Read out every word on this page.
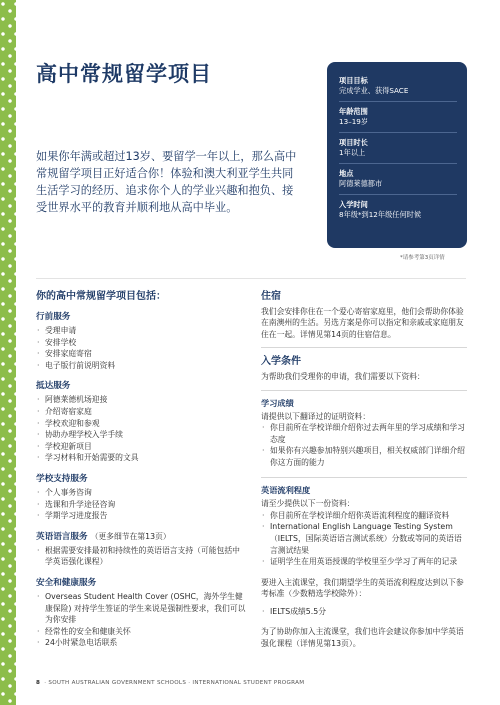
高中常规留学项目

如果你年满或超过13岁、要留学一年以上，那么高中常规留学项目正好适合你！体验和澳大利亚学生共同生活学习的经历、追求你个人的学业兴趣和抱负、接受世界水平的教育并顺利地从高中毕业。

项目目标
完成学业、获得SACE
年龄范围
13–19岁
项目时长
1年以上
地点
阿德莱德都市
入学时间
8年级*到12年级任何时候
*请参考第3页详情
你的高中常规留学项目包括：
行前服务
· 受理申请
· 安排学校
· 安排家庭寄宿
· 电子版行前说明资料
抵达服务
· 阿德莱德机场迎接
· 介绍寄宿家庭
· 学校欢迎和参观
· 协助办理学校入学手续
· 学校迎新项目
· 学习材料和开始需要的文具
学校支持服务
· 个人事务咨询
· 选课和升学途径咨询
· 学期学习进度报告
英语语言服务 （更多细节在第13页）
· 根据需要安排最初和持续性的英语语言支持（可能包括中学英语强化课程）
安全和健康服务
· Overseas Student Health Cover (OSHC，海外学生健康保险) 对持学生签证的学生来说是强制性要求，我们可以为你安排
· 经常性的安全和健康关怀
· 24小时紧急电话联系
住宿

我们会安排你住在一个爱心寄宿家庭里，他们会帮助你体验在南澳州的生活。另选方案是你可以指定和亲戚或家庭朋友住在一起。详情见第14页的住宿信息。

入学条件

为帮助我们受理你的申请，我们需要以下资料：

学习成绩

请提供以下翻译过的证明资料：

· 你目前所在学校详细介绍你过去两年里的学习成绩和学习态度
· 如果你有兴趣参加特别兴趣项目，相关权威部门详细介绍你这方面的能力
英语流利程度

请至少提供以下一份资料：

· 你目前所在学校详细介绍你英语流利程度的翻译资料
· International English Language Testing System（IELTS，国际英语语言测试系统）分数或等同的英语语言测试结果
· 证明学生在用英语授课的学校里至少学习了两年的记录

要进入主流课堂，我们期望学生的英语流利程度达到以下参考标准（少数精选学校除外）：

· IELTS成绩5.5分

为了协助你加入主流课堂，我们也许会建议你参加中学英语强化课程（详情见第13页）。

8 · SOUTH AUSTRALIAN GOVERNMENT SCHOOLS · INTERNATIONAL STUDENT PROGRAM
